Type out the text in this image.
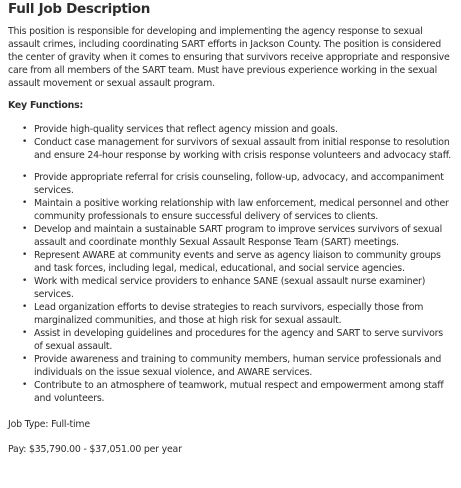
Full Job Description

This position is responsible for developing and implementing the agency response to sexual assault crimes, including coordinating SART efforts in Jackson County. The position is considered the center of gravity when it comes to ensuring that survivors receive appropriate and responsive care from all members of the SART team. Must have previous experience working in the sexual assault movement or sexual assault program.

Key Functions:

• Provide high-quality services that reflect agency mission and goals.
• Conduct case management for survivors of sexual assault from initial response to resolution and ensure 24-hour response by working with crisis response volunteers and advocacy staff.
• Provide appropriate referral for crisis counseling, follow-up, advocacy, and accompaniment services.
• Maintain a positive working relationship with law enforcement, medical personnel and other community professionals to ensure successful delivery of services to clients.
• Develop and maintain a sustainable SART program to improve services survivors of sexual assault and coordinate monthly Sexual Assault Response Team (SART) meetings.
• Represent AWARE at community events and serve as agency liaison to community groups and task forces, including legal, medical, educational, and social service agencies.
• Work with medical service providers to enhance SANE (sexual assault nurse examiner) services.
• Lead organization efforts to devise strategies to reach survivors, especially those from marginalized communities, and those at high risk for sexual assault.
• Assist in developing guidelines and procedures for the agency and SART to serve survivors of sexual assault.
• Provide awareness and training to community members, human service professionals and individuals on the issue sexual violence, and AWARE services.
• Contribute to an atmosphere of teamwork, mutual respect and empowerment among staff and volunteers.

Job Type: Full-time

Pay: $35,790.00 - $37,051.00 per year
